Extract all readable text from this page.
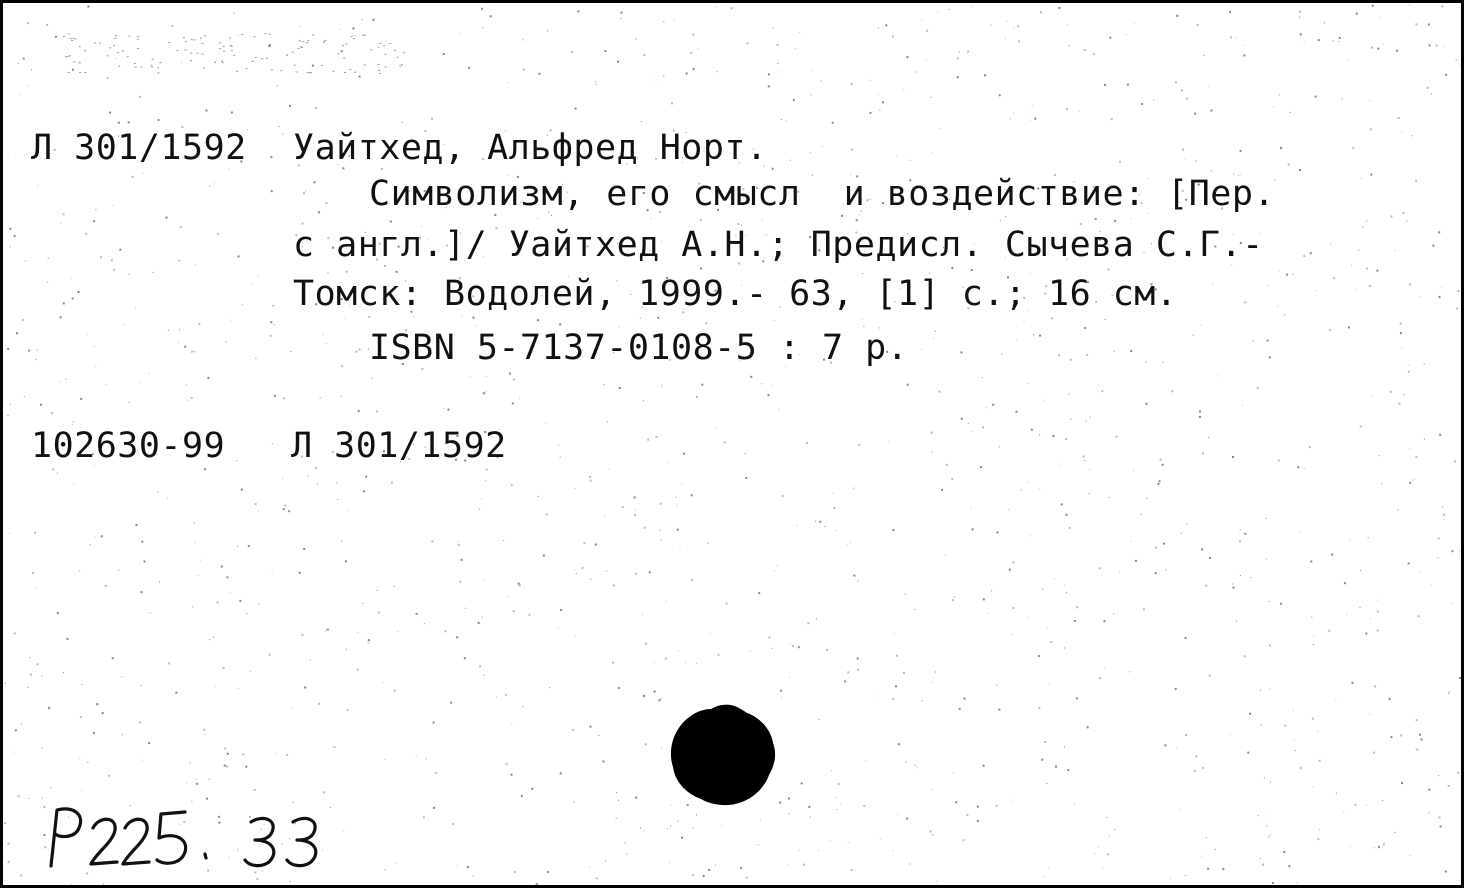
Л 301/1592 Уайтхед, Альфред Норт.
Символизм, его смысл  и воздействие: [Пер.
с англ.]/ Уайтхед А.Н.; Предисл. Сычева С.Г.-
Томск: Водолей, 1999.- 63, [1] с.; 16 см.
ISBN 5-7137-0108-5 : 7 р.
102630-99 Л 301/1592
